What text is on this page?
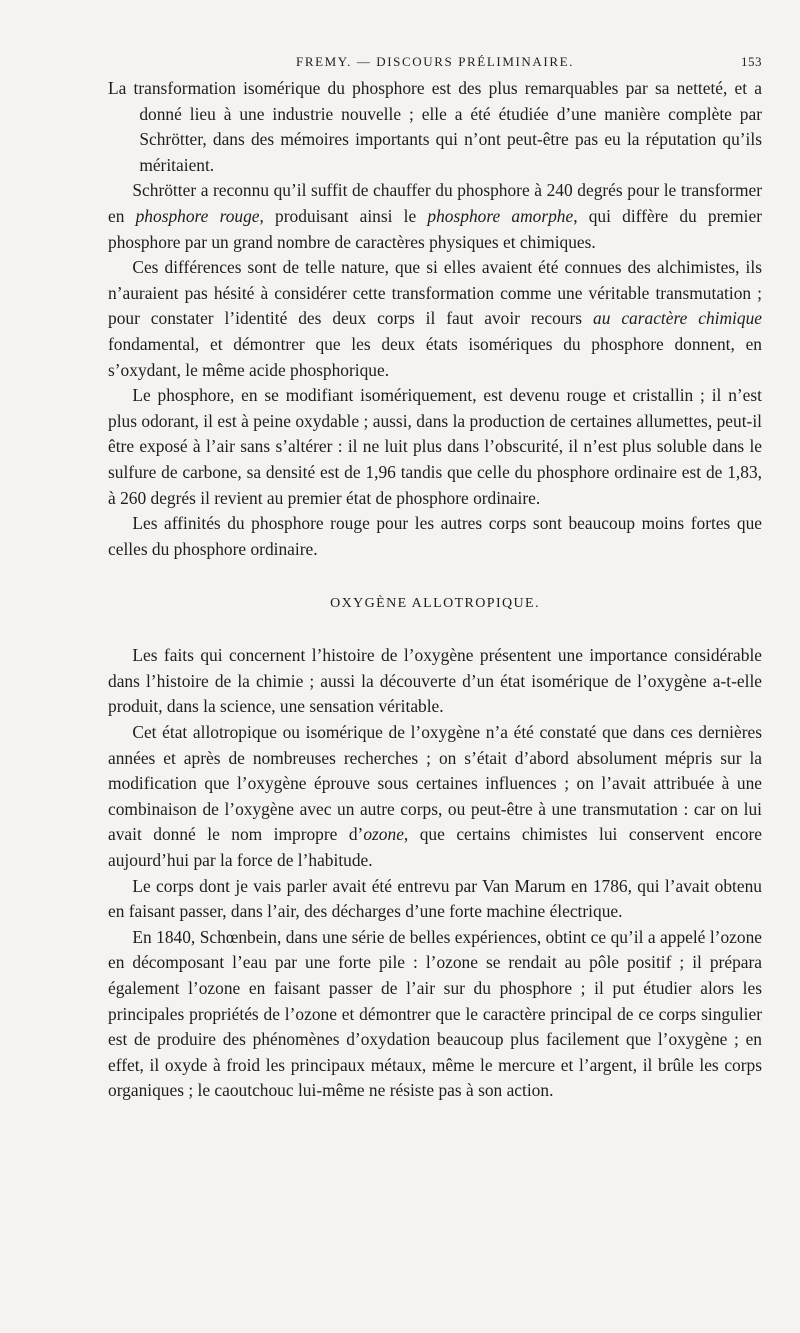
FREMY. — DISCOURS PRÉLIMINAIRE.	153

La transformation isomérique du phosphore est des plus remarquables par sa netteté, et a donné lieu à une industrie nouvelle ; elle a été étudiée d’une manière complète par Schrötter, dans des mémoires importants qui n’ont peut-être pas eu la réputation qu’ils méritaient.

Schrötter a reconnu qu’il suffit de chauffer du phosphore à 240 degrés pour le transformer en phosphore rouge, produisant ainsi le phosphore amorphe, qui diffère du premier phosphore par un grand nombre de caractères physiques et chimiques.

Ces différences sont de telle nature, que si elles avaient été connues des alchimistes, ils n’auraient pas hésité à considérer cette transformation comme une véritable transmutation ; pour constater l’identité des deux corps il faut avoir recours au caractère chimique fondamental, et démontrer que les deux états isomériques du phosphore donnent, en s’oxydant, le même acide phosphorique.

Le phosphore, en se modifiant isomériquement, est devenu rouge et cristallin ; il n’est plus odorant, il est à peine oxydable ; aussi, dans la production de certaines allumettes, peut-il être exposé à l’air sans s’altérer : il ne luit plus dans l’obscurité, il n’est plus soluble dans le sulfure de carbone, sa densité est de 1,96 tandis que celle du phosphore ordinaire est de 1,83, à 260 degrés il revient au premier état de phosphore ordinaire.

Les affinités du phosphore rouge pour les autres corps sont beaucoup moins fortes que celles du phosphore ordinaire.

OXYGÈNE ALLOTROPIQUE.

Les faits qui concernent l’histoire de l’oxygène présentent une importance considérable dans l’histoire de la chimie ; aussi la découverte d’un état isomérique de l’oxygène a-t-elle produit, dans la science, une sensation véritable.

Cet état allotropique ou isomérique de l’oxygène n’a été constaté que dans ces dernières années et après de nombreuses recherches ; on s’était d’abord absolument mépris sur la modification que l’oxygène éprouve sous certaines influences ; on l’avait attribuée à une combinaison de l’oxygène avec un autre corps, ou peut-être à une transmutation : car on lui avait donné le nom impropre d’ozone, que certains chimistes lui conservent encore aujourd’hui par la force de l’habitude.

Le corps dont je vais parler avait été entrevu par Van Marum en 1786, qui l’avait obtenu en faisant passer, dans l’air, des décharges d’une forte machine électrique.

En 1840, Schœnbein, dans une série de belles expériences, obtint ce qu’il a appelé l’ozone en décomposant l’eau par une forte pile : l’ozone se rendait au pôle positif ; il prépara également l’ozone en faisant passer de l’air sur du phosphore ; il put étudier alors les principales propriétés de l’ozone et démontrer que le caractère principal de ce corps singulier est de produire des phénomènes d’oxydation beaucoup plus facilement que l’oxygène ; en effet, il oxyde à froid les principaux métaux, même le mercure et l’argent, il brûle les corps organiques ; le caoutchouc lui-même ne résiste pas à son action.
